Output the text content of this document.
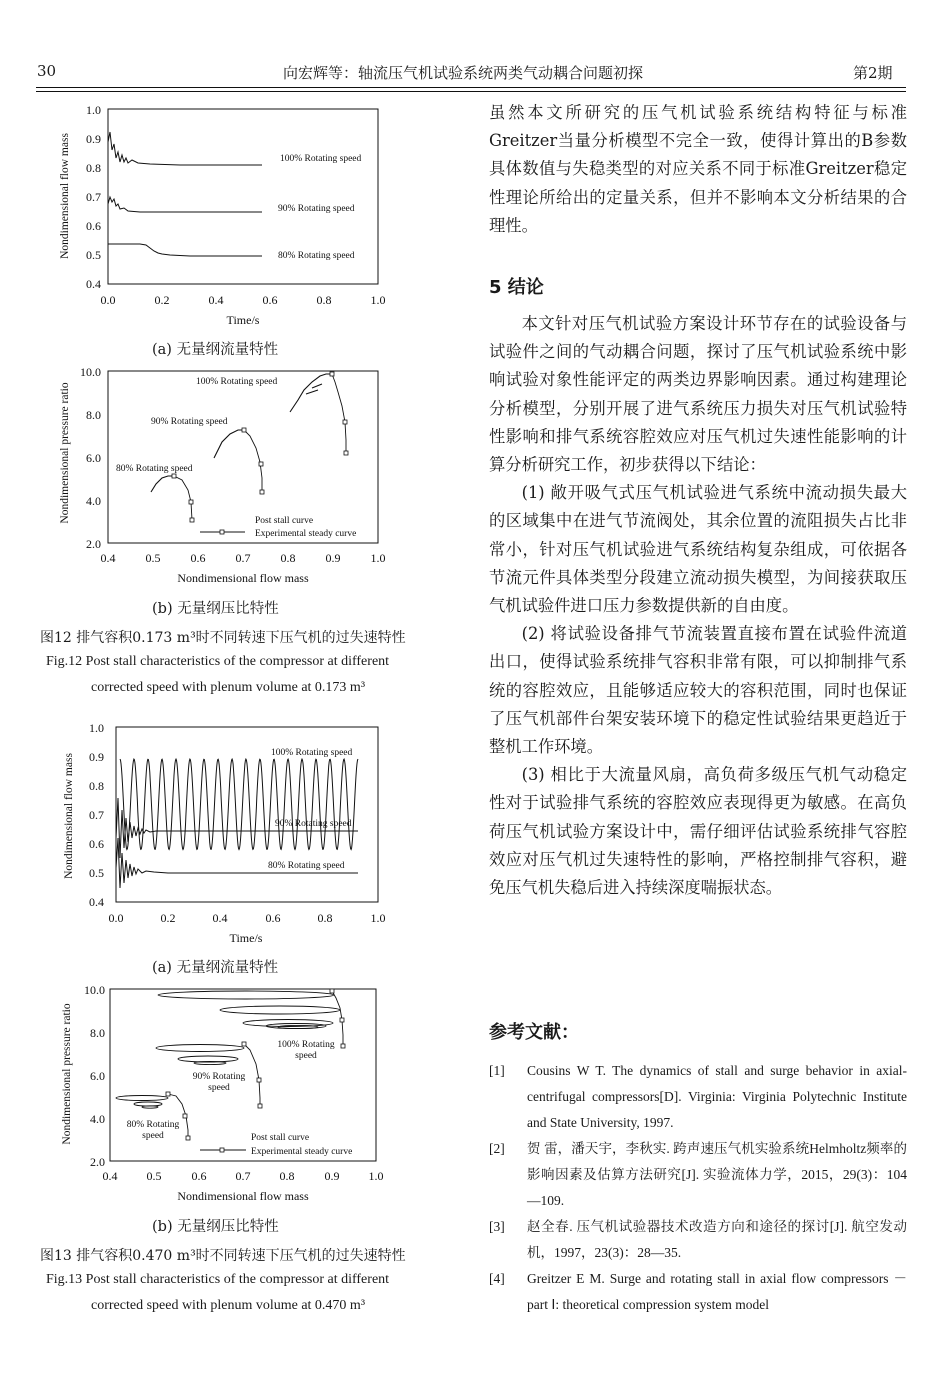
30	向宏辉等：轴流压气机试验系统两类气动耦合问题初探	第2期
Nondimensional flow mass
1.0
0.9
0.8
0.7
0.6
0.5
0.4
0.0	0.2	0.4	0.6	0.8	1.0
Time/s
100% Rotating speed
90% Rotating speed
80% Rotating speed
(a) 无量纲流量特性
Nondimensional pressure ratio
10.0
8.0
6.0
4.0
2.0
0.4	0.5	0.6	0.7	0.8	0.9	1.0
Nondimensional flow mass
100% Rotating speed
90% Rotating speed
80% Rotating speed
Post stall curve
Experimental steady curve
(b) 无量纲压比特性
图12 排气容积0.173 m³时不同转速下压气机的过失速特性
Fig.12 Post stall characteristics of the compressor at different
corrected speed with plenum volume at 0.173 m³
Nondimensional flow mass
1.0
0.9
0.8
0.7
0.6
0.5
0.4
0.0	0.2	0.4	0.6	0.8	1.0
Time/s
100% Rotating speed
90% Rotating speed
80% Rotating speed
(a) 无量纲流量特性
Nondimensional pressure ratio
10.0
8.0
6.0
4.0
2.0
0.4 0.5	0.6 0.7 0.8	0.9 1.0
Nondimensional flow mass
100% Rotating
speed
90% Rotating
speed
80% Rotating
speed	Post stall curve
Experimental steady curve
(b) 无量纲压比特性
图13 排气容积0.470 m³时不同转速下压气机的过失速特性
Fig.13 Post stall characteristics of the compressor at different
corrected speed with plenum volume at 0.470 m³

虽然本文所研究的压气机试验系统结构特征与标准Greitzer当量分析模型不完全一致，使得计算出的B参数具体数值与失稳类型的对应关系不同于标准Greitzer稳定性理论所给出的定量关系，但并不影响本文分析结果的合理性。

5 结论

本文针对压气机试验方案设计环节存在的试验设备与试验件之间的气动耦合问题，探讨了压气机试验系统中影响试验对象性能评定的两类边界影响因素。通过构建理论分析模型，分别开展了进气系统压力损失对压气机试验特性影响和排气系统容腔效应对压气机过失速性能影响的计算分析研究工作，初步获得以下结论：

(1) 敞开吸气式压气机试验进气系统中流动损失最大的区域集中在进气节流阀处，其余位置的流阻损失占比非常小，针对压气机试验进气系统结构复杂组成，可依据各节流元件具体类型分段建立流动损失模型，为间接获取压气机试验件进口压力参数提供新的自由度。

(2) 将试验设备排气节流装置直接布置在试验件流道出口，使得试验系统排气容积非常有限，可以抑制排气系统的容腔效应，且能够适应较大的容积范围，同时也保证了压气机部件台架安装环境下的稳定性试验结果更趋近于整机工作环境。

(3) 相比于大流量风扇，高负荷多级压气机气动稳定性对于试验排气系统的容腔效应表现得更为敏感。在高负荷压气机试验方案设计中，需仔细评估试验系统排气容腔效应对压气机过失速特性的影响，严格控制排气容积，避免压气机失稳后进入持续深度喘振状态。

参考文献：
[1] Cousins W T. The dynamics of stall and surge behavior in axial-centrifugal compressors[D]. Virginia: Virginia Polytechnic Institute and State University, 1997.
[2] 贺 雷，潘天宇，李秋实. 跨声速压气机实验系统Helmholtz频率的影响因素及估算方法研究[J]. 实验流体力学，2015，29(3)：104—109.
[3] 赵全春. 压气机试验器技术改造方向和途径的探讨[J]. 航空发动机，1997，23(3)：28—35.
[4] Greitzer E M. Surge and rotating stall in axial flow compressors － part Ⅰ: theoretical compression system model
